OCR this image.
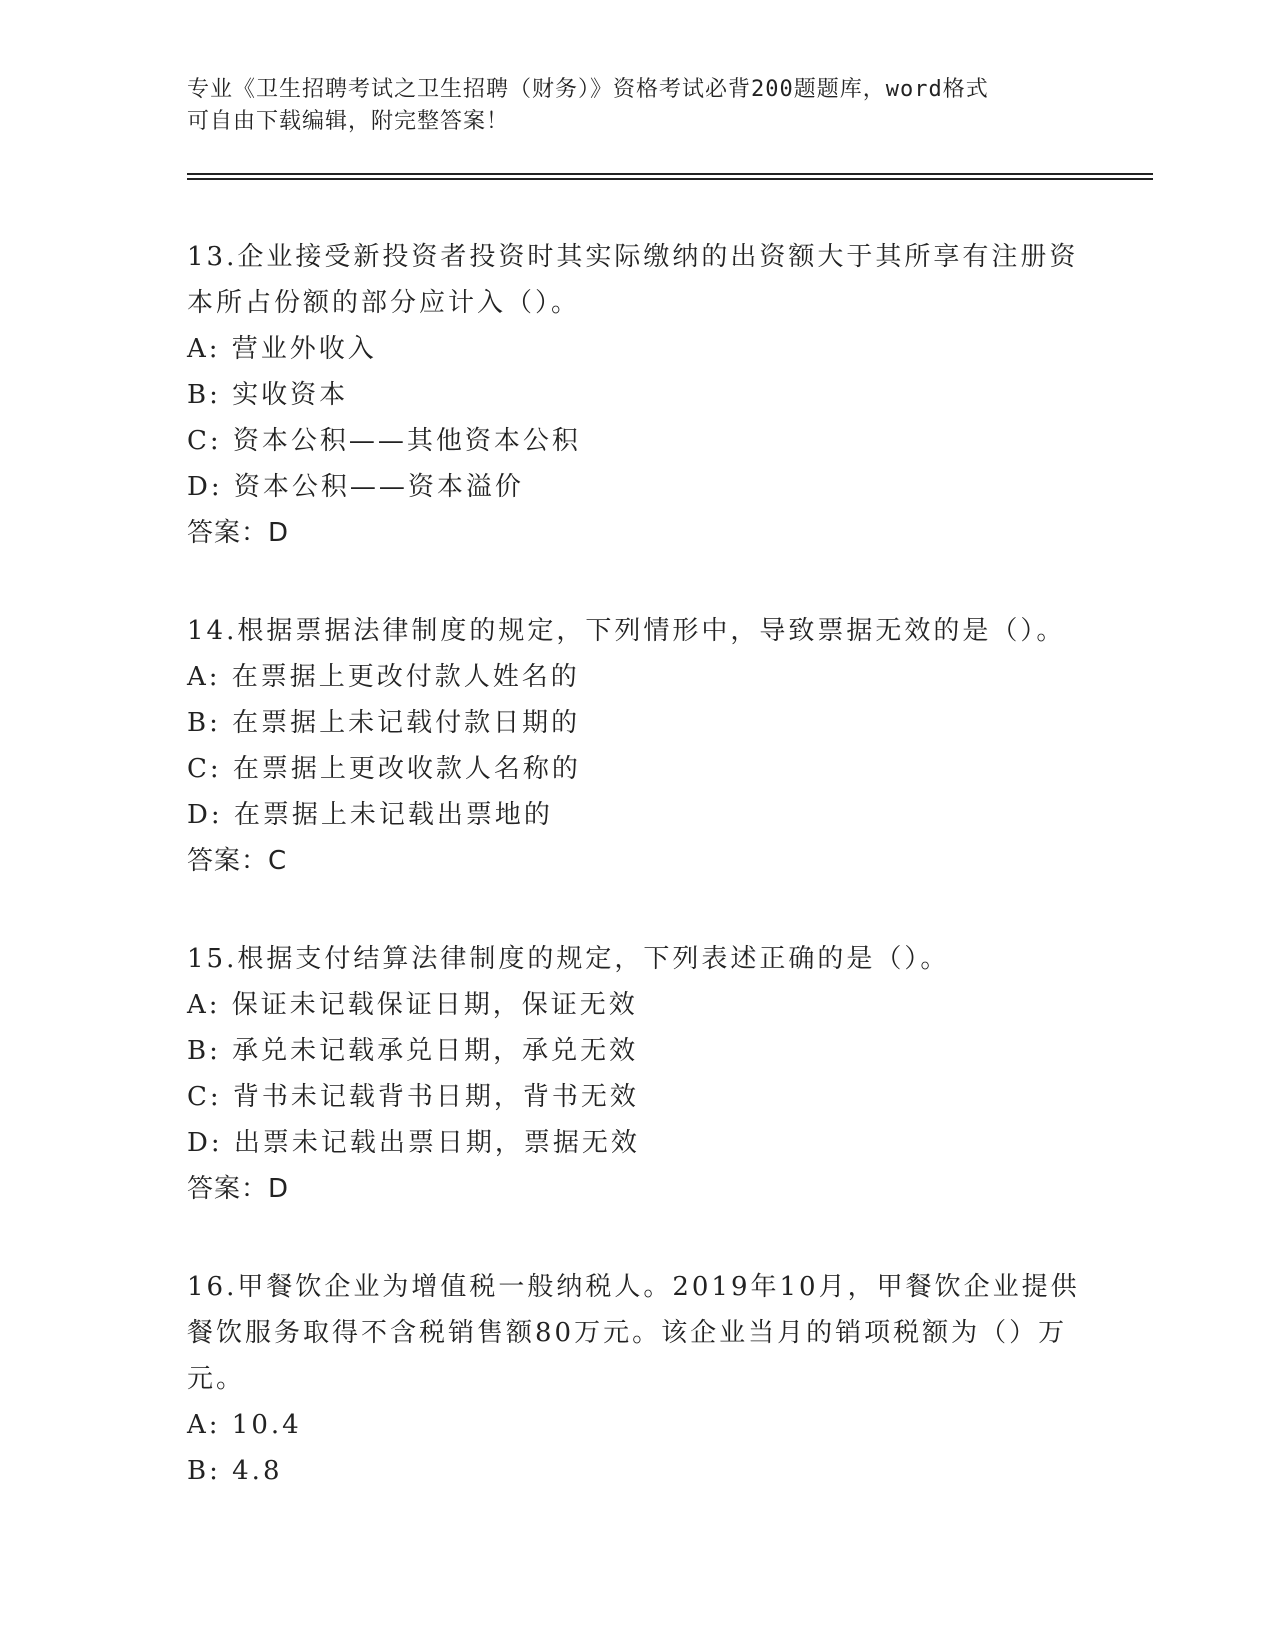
专业《卫生招聘考试之卫生招聘（财务）》资格考试必背200题题库，word格式
可自由下载编辑，附完整答案！
13.企业接受新投资者投资时其实际缴纳的出资额大于其所享有注册资
本所占份额的部分应计入（）。
A: 营业外收入
B: 实收资本
C: 资本公积——其他资本公积
D: 资本公积——资本溢价
答案：D
14.根据票据法律制度的规定，下列情形中，导致票据无效的是（）。
A: 在票据上更改付款人姓名的
B: 在票据上未记载付款日期的
C: 在票据上更改收款人名称的
D: 在票据上未记载出票地的
答案：C
15.根据支付结算法律制度的规定，下列表述正确的是（）。
A: 保证未记载保证日期，保证无效
B: 承兑未记载承兑日期，承兑无效
C: 背书未记载背书日期，背书无效
D: 出票未记载出票日期，票据无效
答案：D
16.甲餐饮企业为增值税一般纳税人。2019年10月，甲餐饮企业提供
餐饮服务取得不含税销售额80万元。该企业当月的销项税额为（）万
元。
A: 10.4
B: 4.8
